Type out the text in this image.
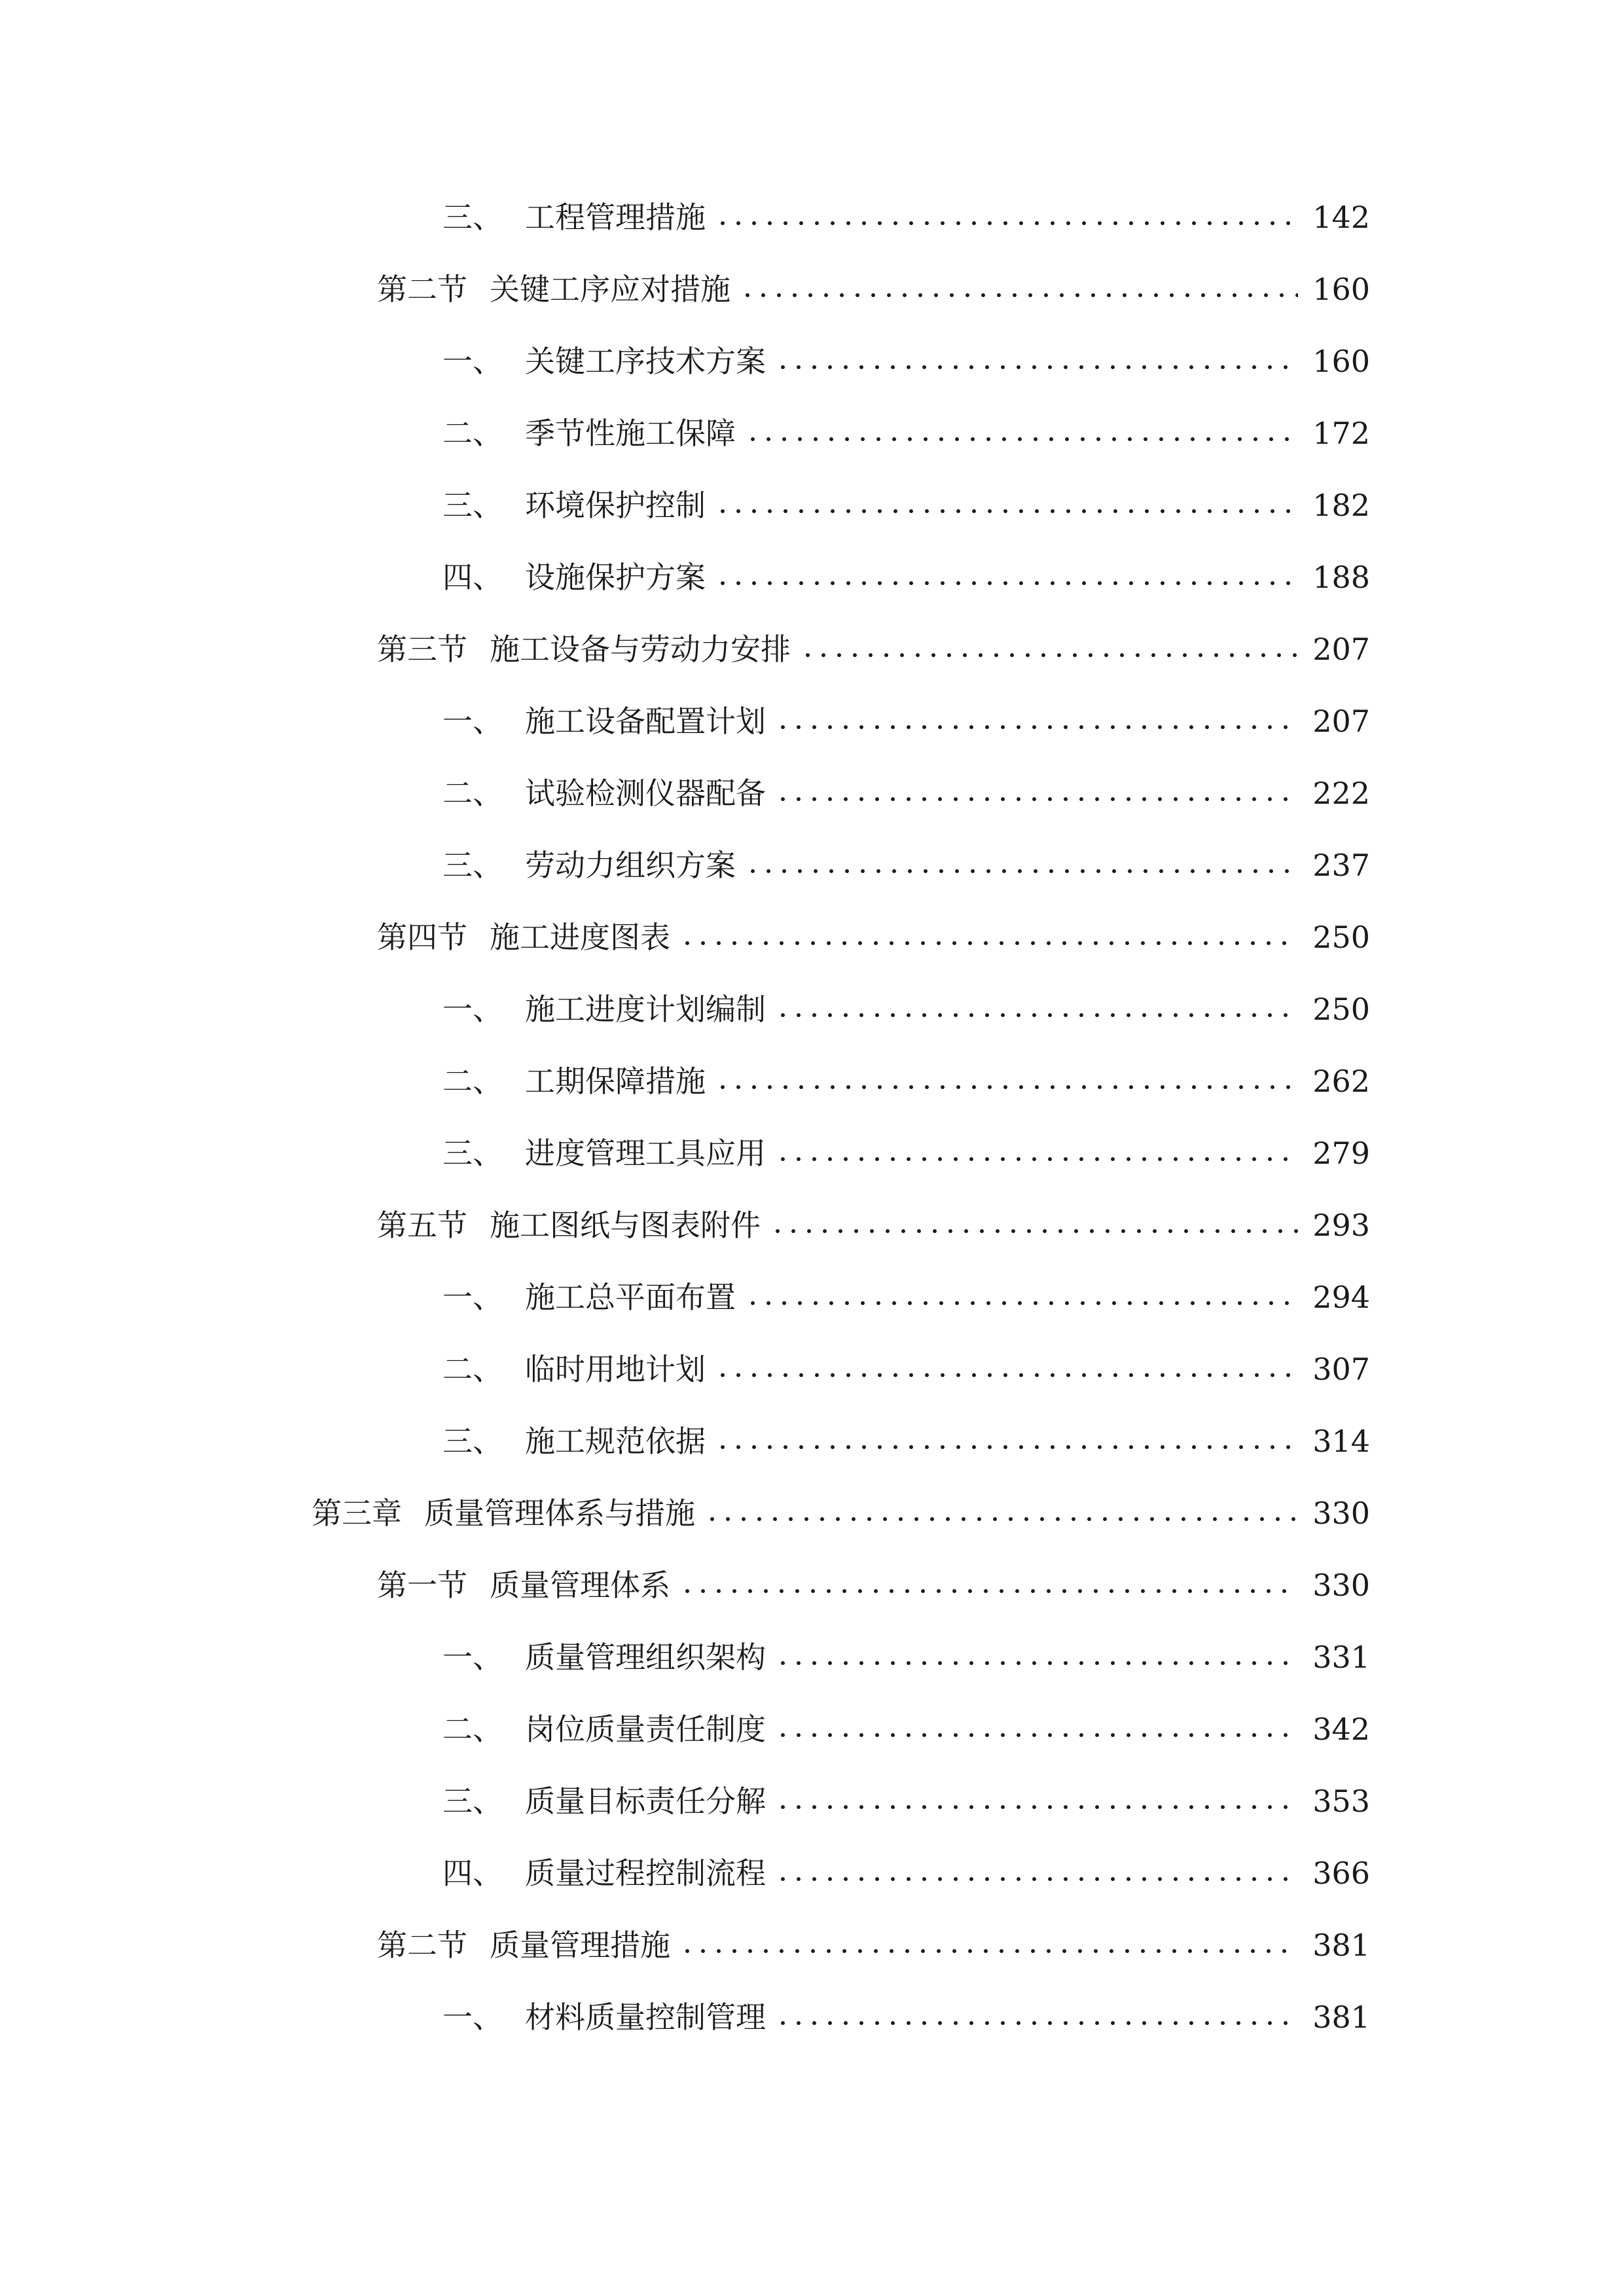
三、 工程管理措施	142
第二节 关键工序应对措施	160
一、 关键工序技术方案	160
二、 季节性施工保障	172
三、 环境保护控制	182
四、 设施保护方案	188
第三节 施工设备与劳动力安排	207
一、 施工设备配置计划	207
二、 试验检测仪器配备	222
三、 劳动力组织方案	237
第四节 施工进度图表	250
一、 施工进度计划编制	250
二、 工期保障措施	262
三、 进度管理工具应用	279
第五节 施工图纸与图表附件	293
一、 施工总平面布置	294
二、 临时用地计划	307
三、 施工规范依据	314
第三章 质量管理体系与措施	330
第一节 质量管理体系	330
一、 质量管理组织架构	331
二、 岗位质量责任制度	342
三、 质量目标责任分解	353
四、 质量过程控制流程	366
第二节 质量管理措施	381
一、 材料质量控制管理	381
